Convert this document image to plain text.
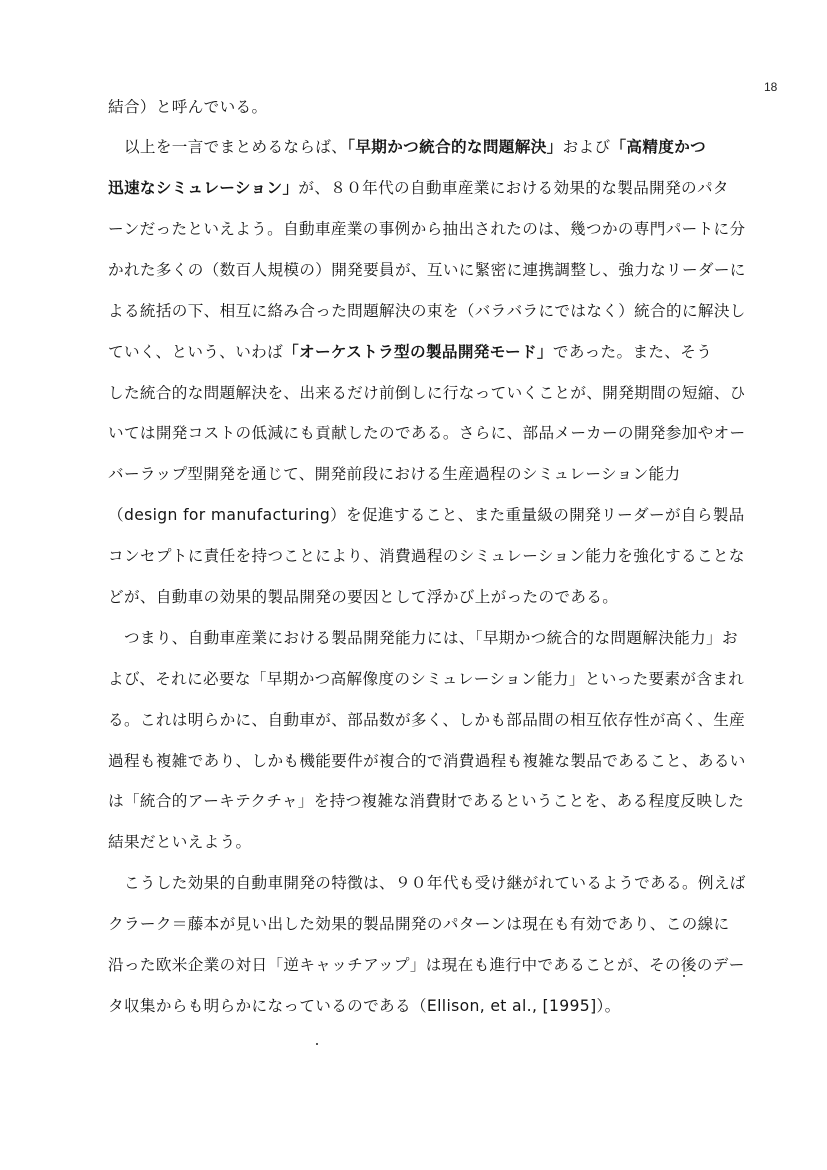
18
結合）と呼んでいる。
　以上を一言でまとめるならば、「早期かつ統合的な問題解決」および「高精度かつ
迅速なシミュレーション」が、８０年代の自動車産業における効果的な製品開発のパタ
ーンだったといえよう。自動車産業の事例から抽出されたのは、幾つかの専門パートに分
かれた多くの（数百人規模の）開発要員が、互いに緊密に連携調整し、強力なリーダーに
よる統括の下、相互に絡み合った問題解決の束を（バラバラにではなく）統合的に解決し
ていく、という、いわば「オーケストラ型の製品開発モード」であった。また、そう
した統合的な問題解決を、出来るだけ前倒しに行なっていくことが、開発期間の短縮、ひ
いては開発コストの低減にも貢献したのである。さらに、部品メーカーの開発参加やオー
バーラップ型開発を通じて、開発前段における生産過程のシミュレーション能力
（design for manufacturing）を促進すること、また重量級の開発リーダーが自ら製品
コンセプトに責任を持つことにより、消費過程のシミュレーション能力を強化することな
どが、自動車の効果的製品開発の要因として浮かび上がったのである。
　つまり、自動車産業における製品開発能力には、「早期かつ統合的な問題解決能力」お
よび、それに必要な「早期かつ高解像度のシミュレーション能力」といった要素が含まれ
る。これは明らかに、自動車が、部品数が多く、しかも部品間の相互依存性が高く、生産
過程も複雑であり、しかも機能要件が複合的で消費過程も複雑な製品であること、あるい
は「統合的アーキテクチャ」を持つ複雑な消費財であるということを、ある程度反映した
結果だといえよう。
　こうした効果的自動車開発の特徴は、９０年代も受け継がれているようである。例えば
クラーク＝藤本が見い出した効果的製品開発のパターンは現在も有効であり、この線に
沿った欧米企業の対日「逆キャッチアップ」は現在も進行中であることが、その後のデー
タ収集からも明らかになっているのである（Ellison, et al., [1995]）。
